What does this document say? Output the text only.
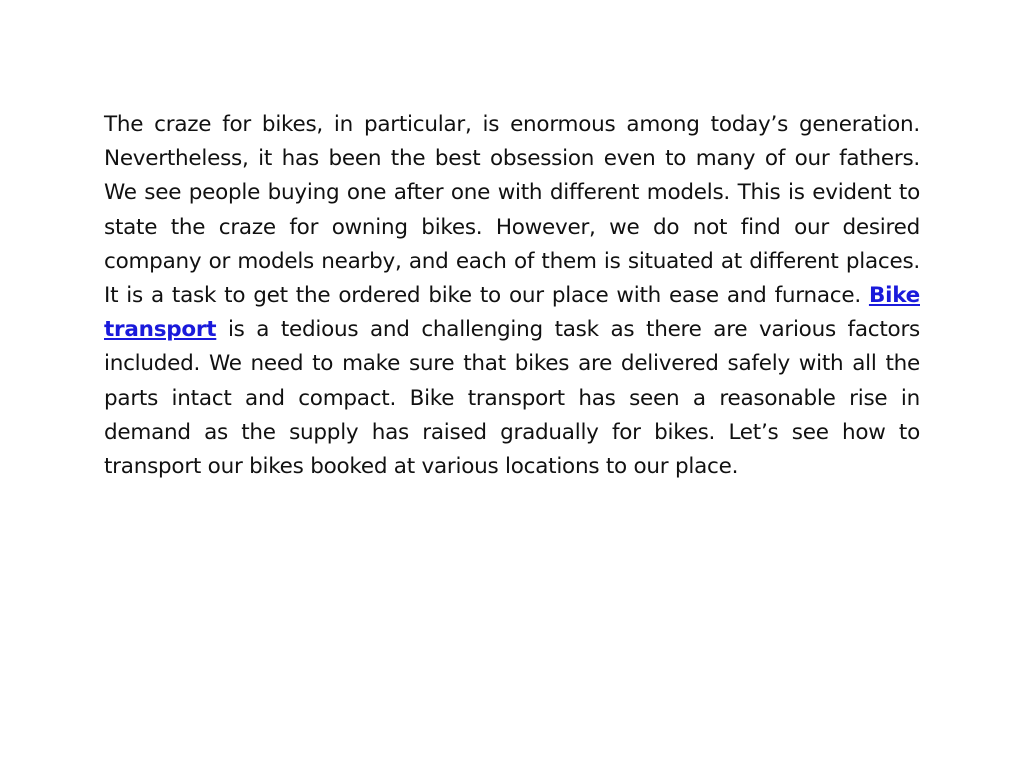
The craze for bikes, in particular, is enormous among today’s generation. Nevertheless, it has been the best obsession even to many of our fathers. We see people buying one after one with different models. This is evident to state the craze for owning bikes. However, we do not find our desired company or models nearby, and each of them is situated at different places. It is a task to get the ordered bike to our place with ease and furnace. Bike transport is a tedious and challenging task as there are various factors included. We need to make sure that bikes are delivered safely with all the parts intact and compact. Bike transport has seen a reasonable rise in demand as the supply has raised gradually for bikes. Let’s see how to transport our bikes booked at various locations to our place.
